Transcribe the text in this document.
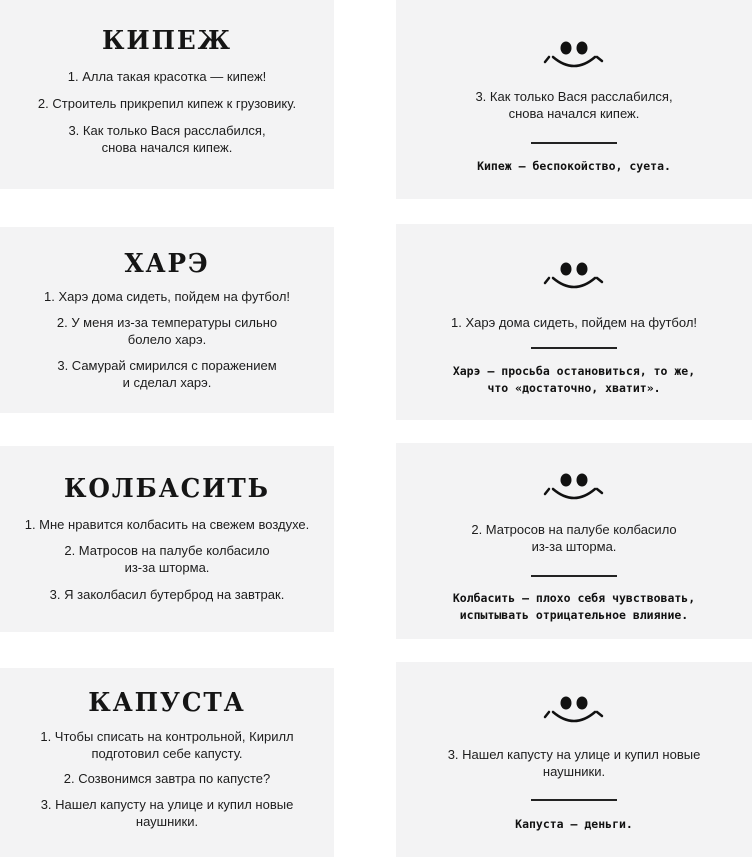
КИПЕЖ
1. Алла такая красотка — кипеж!
2. Строитель прикрепил кипеж к грузовику.
3. Как только Вася расслабился,
снова начался кипеж.
3. Как только Вася расслабился,
снова начался кипеж.
Кипеж – беспокойство, суета.
ХАРЭ
1. Харэ дома сидеть, пойдем на футбол!
2. У меня из-за температуры сильно
болело харэ.
3. Самурай смирился с поражением
и сделал харэ.
1. Харэ дома сидеть, пойдем на футбол!
Харэ – просьба остановиться, то же,
что «достаточно, хватит».
КОЛБАСИТЬ
1. Мне нравится колбасить на свежем воздухе.
2. Матросов на палубе колбасило
из-за шторма.
3. Я заколбасил бутерброд на завтрак.
2. Матросов на палубе колбасило
из-за шторма.
Колбасить – плохо себя чувствовать,
испытывать отрицательное влияние.
КАПУСТА
1. Чтобы списать на контрольной, Кирилл
подготовил себе капусту.
2. Созвонимся завтра по капусте?
3. Нашел капусту на улице и купил новые
наушники.
3. Нашел капусту на улице и купил новые
наушники.
Капуста – деньги.
